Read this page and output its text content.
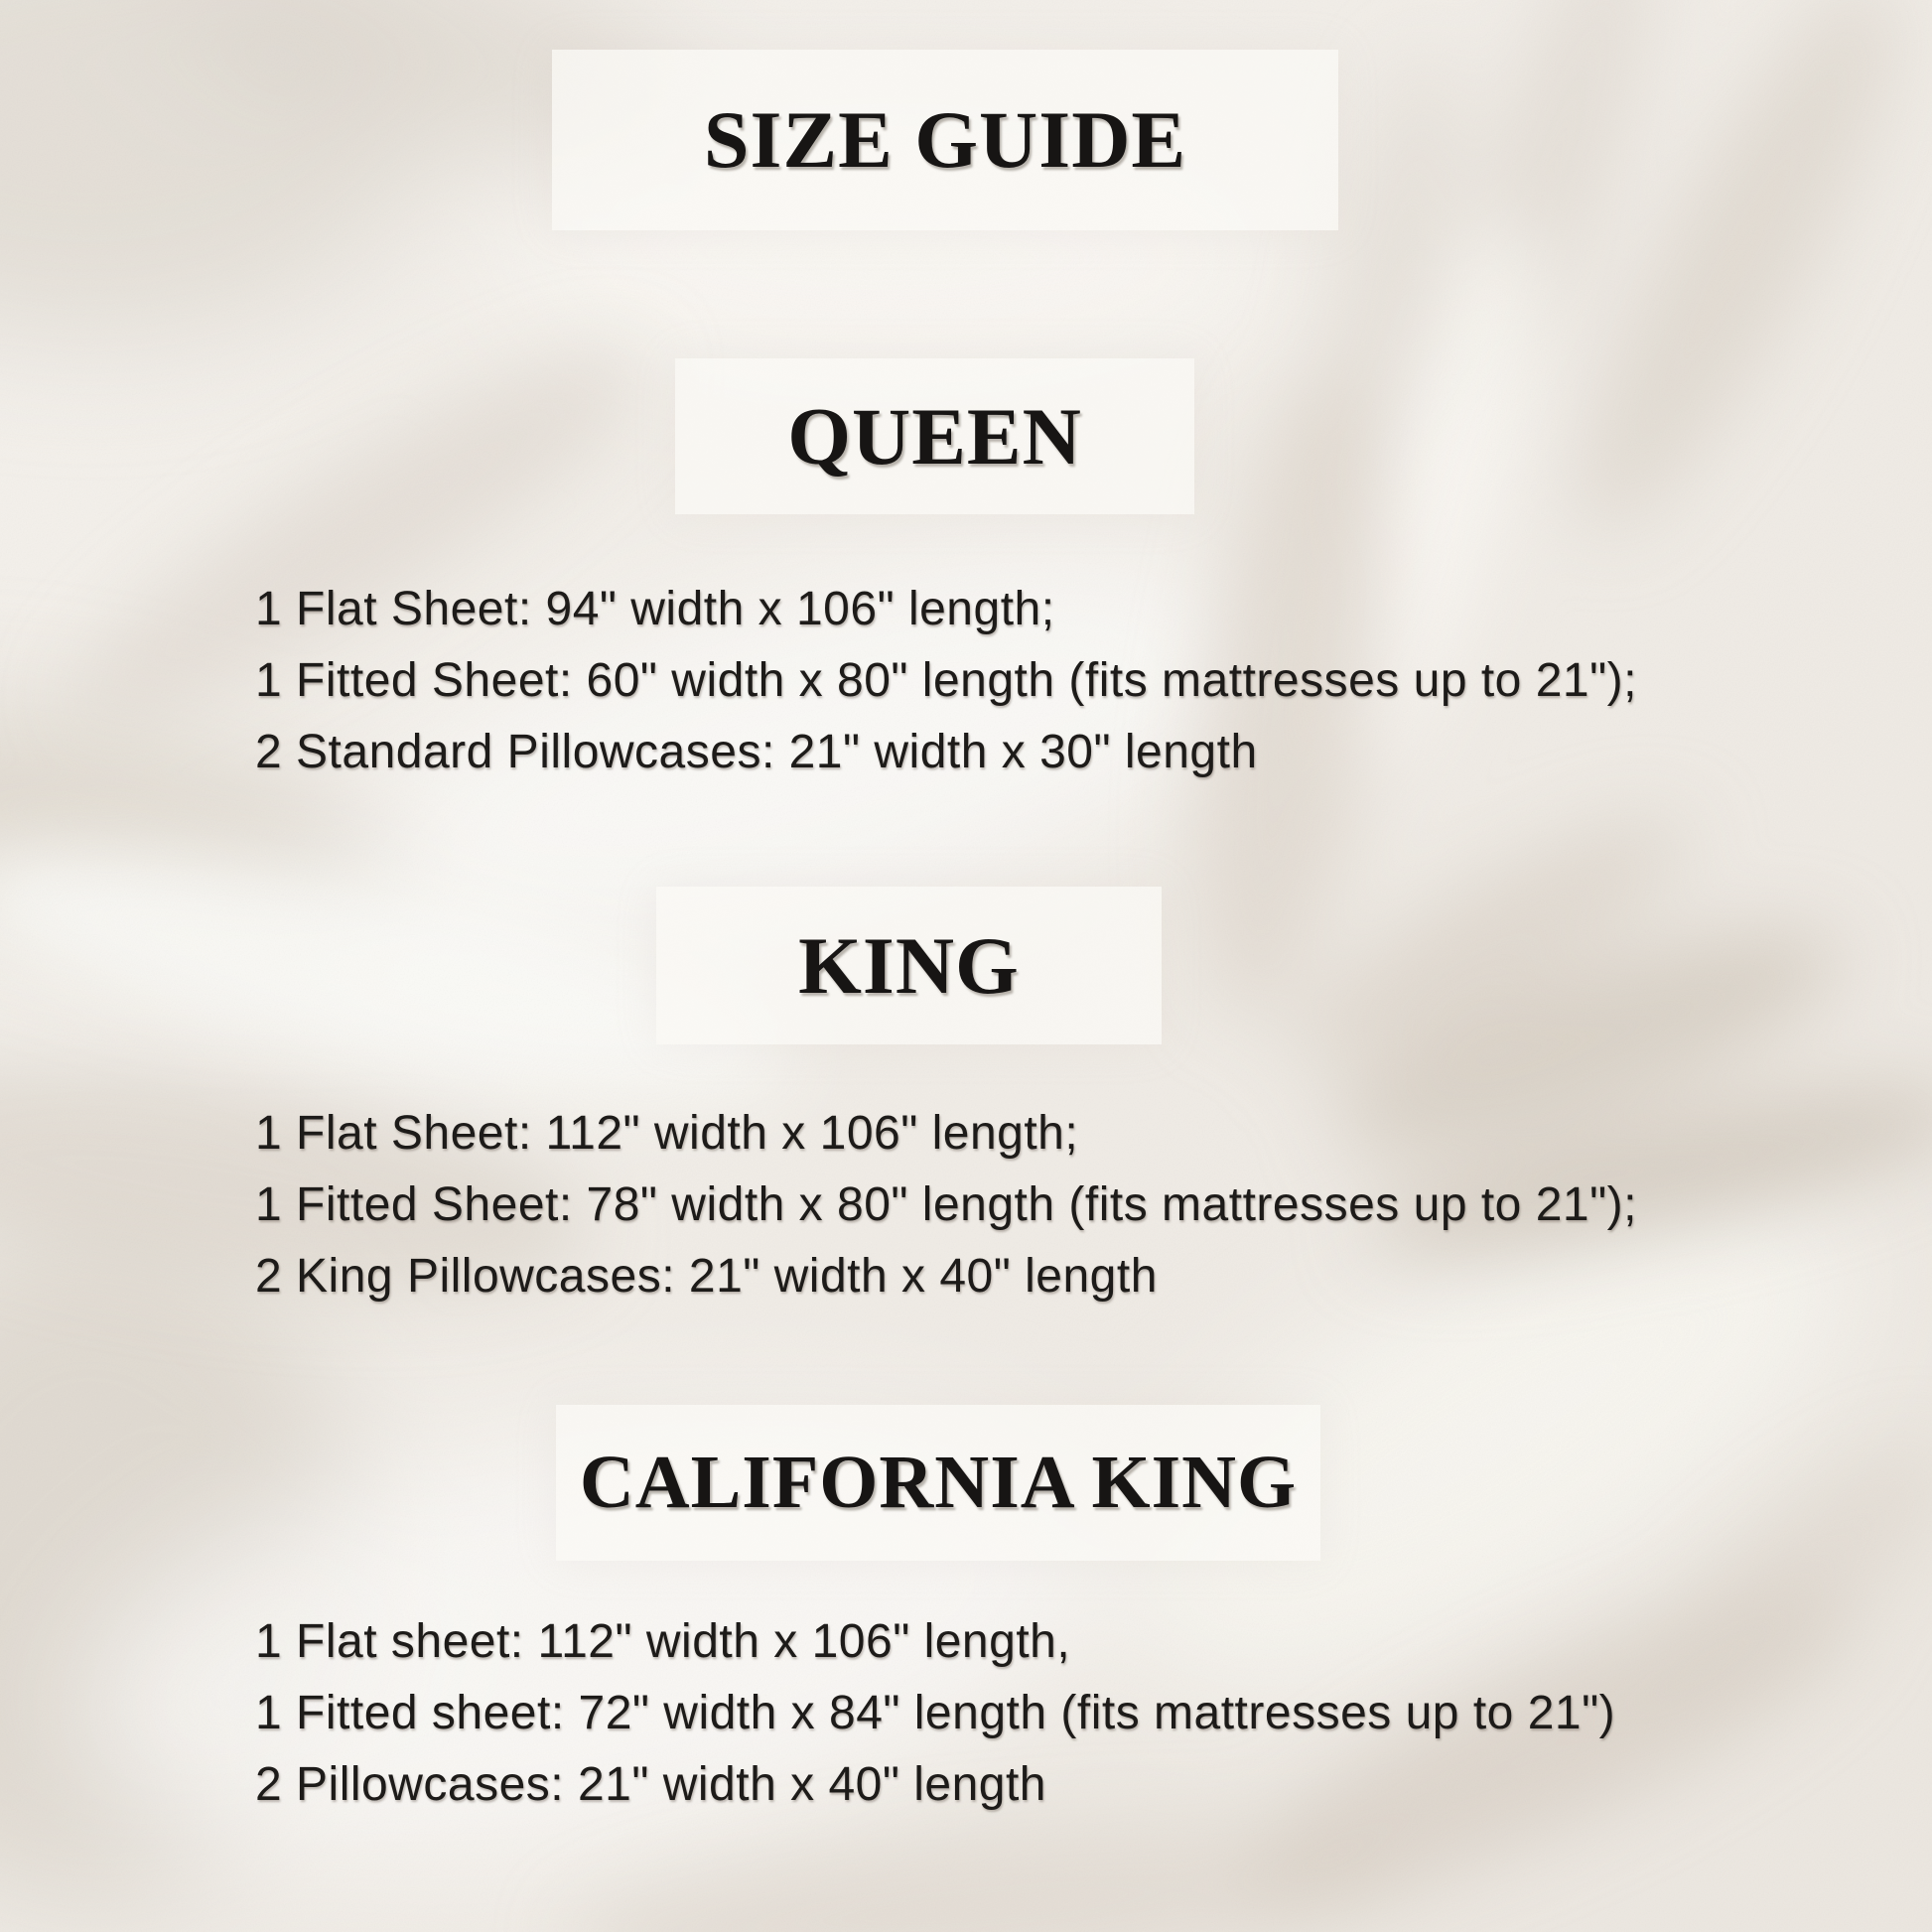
SIZE GUIDE
QUEEN

1 Flat Sheet: 94" width x 106" length;

1 Fitted Sheet: 60" width x 80" length (fits mattresses up to 21");

2 Standard Pillowcases: 21" width x 30" length

KING

1 Flat Sheet: 112" width x 106" length;

1 Fitted Sheet: 78" width x 80" length (fits mattresses up to 21");

2 King Pillowcases: 21" width x 40" length

CALIFORNIA KING

1 Flat sheet: 112" width x 106" length,

1 Fitted sheet: 72" width x 84" length (fits mattresses up to 21")

2 Pillowcases: 21" width x 40" length
